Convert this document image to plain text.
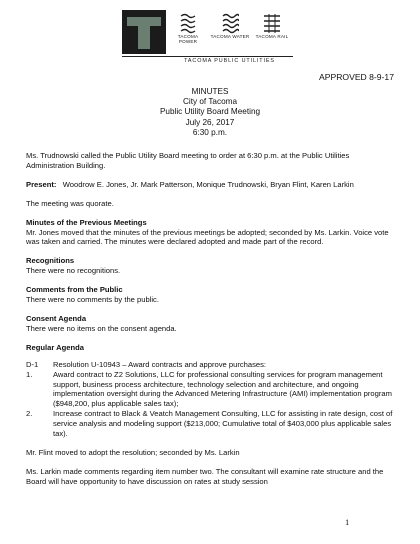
TACOMA POWER
TACOMA WATER	TACOMA RAIL
TACOMA PUBLIC UTILITIES
APPROVED 8-9-17
MINUTES
City of Tacoma
Public Utility Board Meeting
July 26, 2017
6:30 p.m.

Ms. Trudnowski called the Public Utility Board meeting to order at 6:30 p.m. at the Public Utilities Administration Building.

Present: Woodrow E. Jones, Jr. Mark Patterson, Monique Trudnowski, Bryan Flint, Karen Larkin

The meeting was quorate.

Minutes of the Previous Meetings

Mr. Jones moved that the minutes of the previous meetings be adopted; seconded by Ms. Larkin. Voice vote was taken and carried. The minutes were declared adopted and made part of the record.

Recognitions

There were no recognitions.

Comments from the Public

There were no comments by the public.

Consent Agenda

There were no items on the consent agenda.

Regular Agenda

D-1	Resolution U-10943 – Award contracts and approve purchases:
1.	Award contract to Z2 Solutions, LLC for professional consulting services for program management support, business process architecture, technology selection and architecture, and ongoing implementation oversight during the Advanced Metering Infrastructure (AMI) implementation program ($948,200, plus applicable sales tax);
2.	Increase contract to Black & Veatch Management Consulting, LLC for assisting in rate design, cost of service analysis and modeling support ($213,000; Cumulative total of $403,000 plus applicable sales tax).

Mr. Flint moved to adopt the resolution; seconded by Ms. Larkin

Ms. Larkin made comments regarding item number two. The consultant will examine rate structure and the Board will have opportunity to have discussion on rates at study session

1
